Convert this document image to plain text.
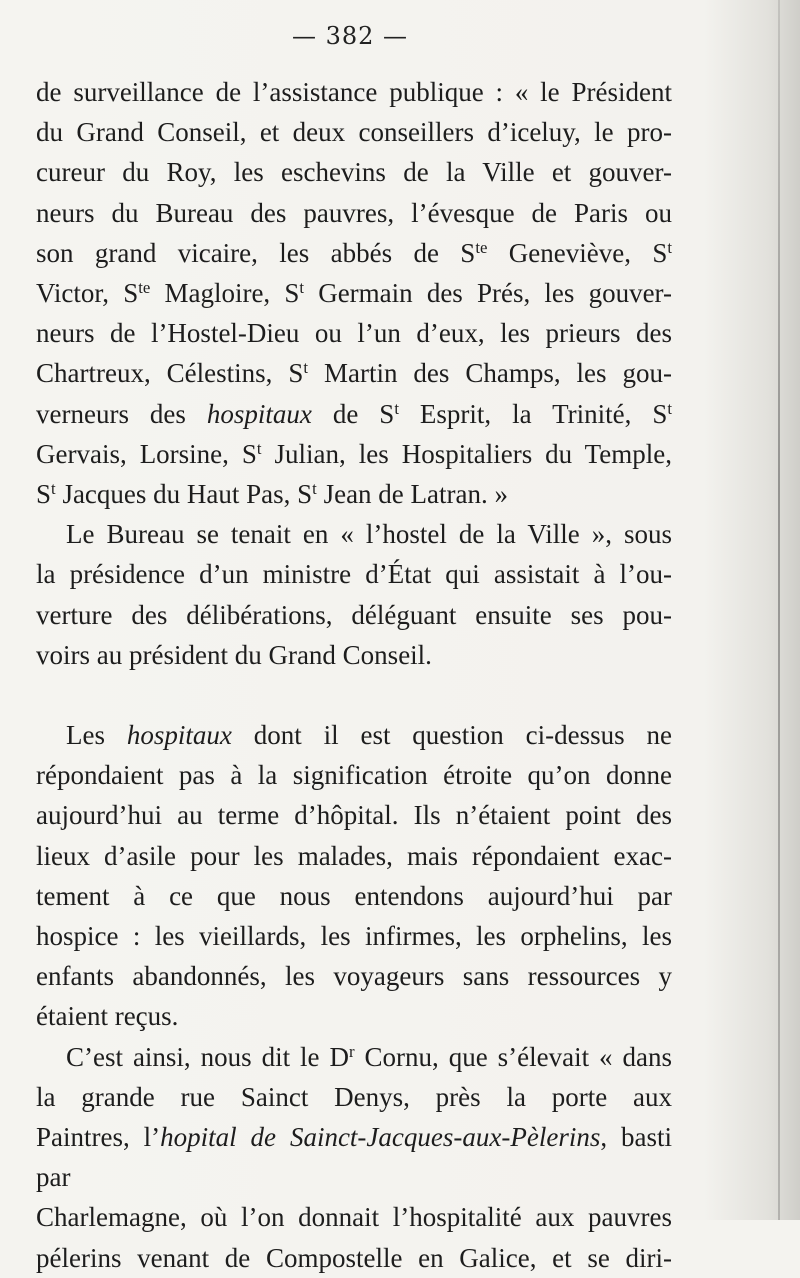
— 382 —

de surveillance de l’assistance publique : « le Président

du Grand Conseil, et deux conseillers d’iceluy, le pro-

cureur du Roy, les eschevins de la Ville et gouver-

neurs du Bureau des pauvres, l’évesque de Paris ou

son grand vicaire, les abbés de $S^{te}$ Geneviève, $S^t$

Victor, $S^{te}$ Magloire, $S^t$ Germain des Prés, les gouver-

neurs de l’Hostel-Dieu ou l’un d’eux, les prieurs des

Chartreux, Célestins, $S^t$ Martin des Champs, les gou-

verneurs des hospitaux de $S^t$ Esprit, la Trinité, $S^t$

Gervais, Lorsine, $S^t$ Julian, les Hospitaliers du Temple,

$S^t$ Jacques du Haut Pas, $S^t$ Jean de Latran. »

Le Bureau se tenait en « l’hostel de la Ville », sous

la présidence d’un ministre d’État qui assistait à l’ou-

verture des délibérations, déléguant ensuite ses pou-

voirs au président du Grand Conseil.

Les hospitaux dont il est question ci-dessus ne

répondaient pas à la signification étroite qu’on donne

aujourd’hui au terme d’hôpital. Ils n’étaient point des

lieux d’asile pour les malades, mais répondaient exac-

tement à ce que nous entendons aujourd’hui par

hospice : les vieillards, les infirmes, les orphelins, les

enfants abandonnés, les voyageurs sans ressources y

étaient reçus.

C’est ainsi, nous dit le $D^r$ Cornu, que s’élevait « dans

la grande rue Sainct Denys, près la porte aux

Paintres, l’hopital de Sainct-Jacques-aux-Pèlerins, basti par

Charlemagne, où l’on donnait l’hospitalité aux pauvres

pélerins venant de Compostelle en Galice, et se diri-
